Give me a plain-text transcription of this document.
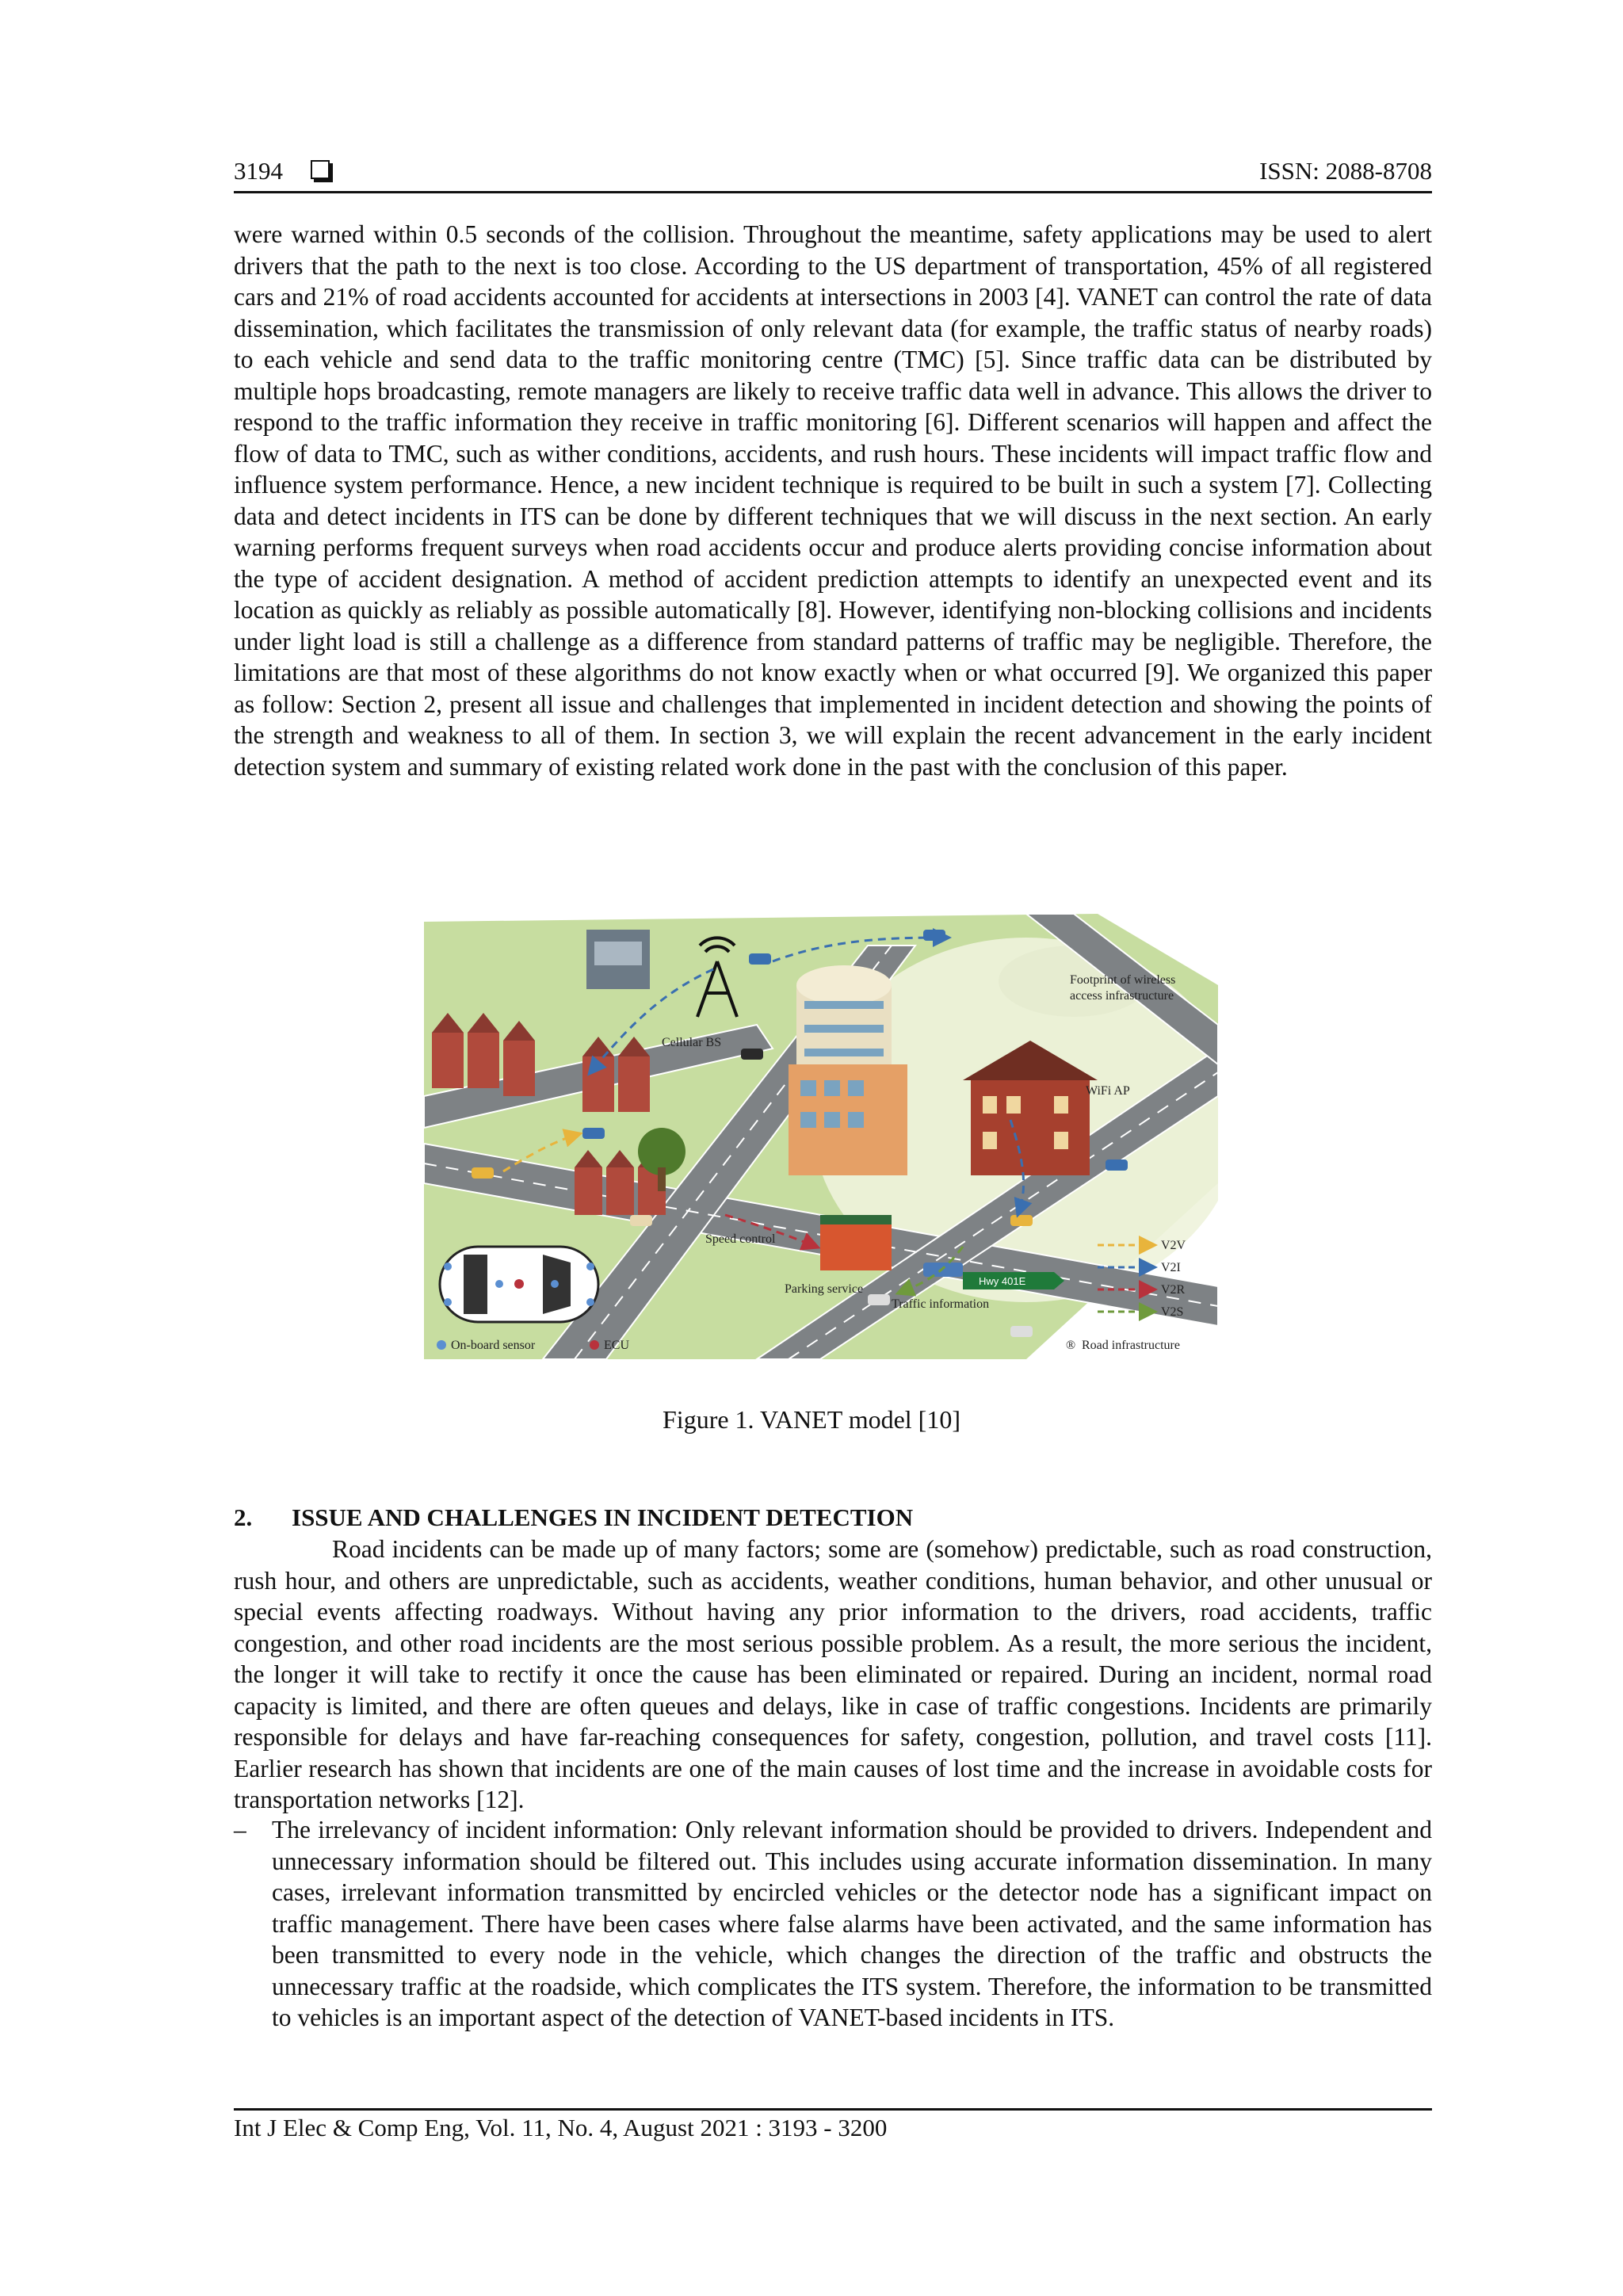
3194	ISSN: 2088-8708
were warned within 0.5 seconds of the collision. Throughout the meantime, safety applications may be used to alert drivers that the path to the next is too close. According to the US department of transportation, 45% of all registered cars and 21% of road accidents accounted for accidents at intersections in 2003 [4]. VANET can control the rate of data dissemination, which facilitates the transmission of only relevant data (for example, the traffic status of nearby roads) to each vehicle and send data to the traffic monitoring centre (TMC) [5]. Since traffic data can be distributed by multiple hops broadcasting, remote managers are likely to receive traffic data well in advance. This allows the driver to respond to the traffic information they receive in traffic monitoring [6]. Different scenarios will happen and affect the flow of data to TMC, such as wither conditions, accidents, and rush hours. These incidents will impact traffic flow and influence system performance. Hence, a new incident technique is required to be built in such a system [7]. Collecting data and detect incidents in ITS can be done by different techniques that we will discuss in the next section. An early warning performs frequent surveys when road accidents occur and produce alerts providing concise information about the type of accident designation. A method of accident prediction attempts to identify an unexpected event and its location as quickly as reliably as possible automatically [8]. However, identifying non-blocking collisions and incidents under light load is still a challenge as a difference from standard patterns of traffic may be negligible. Therefore, the limitations are that most of these algorithms do not know exactly when or what occurred [9]. We organized this paper as follow: Section 2, present all issue and challenges that implemented in incident detection and showing the points of the strength and weakness to all of them. In section 3, we will explain the recent advancement in the early incident detection system and summary of existing related work done in the past with the conclusion of this paper.
Cellular BS
WiFi AP
Footprint of wireless
access infrastructure
Speed control
Parking service
Traffic information
Hwy 401E
On-board sensor	ECU
V2V
V2I
V2R
V2S
® Road infrastructure
Figure 1. VANET model [10]
2.	ISSUE AND CHALLENGES IN INCIDENT DETECTION
Road incidents can be made up of many factors; some are (somehow) predictable, such as road construction, rush hour, and others are unpredictable, such as accidents, weather conditions, human behavior, and other unusual or special events affecting roadways. Without having any prior information to the drivers, road accidents, traffic congestion, and other road incidents are the most serious possible problem. As a result, the more serious the incident, the longer it will take to rectify it once the cause has been eliminated or repaired. During an incident, normal road capacity is limited, and there are often queues and delays, like in case of traffic congestions. Incidents are primarily responsible for delays and have far-reaching consequences for safety, congestion, pollution, and travel costs [11]. Earlier research has shown that incidents are one of the main causes of lost time and the increase in avoidable costs for transportation networks [12].
–	The irrelevancy of incident information: Only relevant information should be provided to drivers. Independent and unnecessary information should be filtered out. This includes using accurate information dissemination. In many cases, irrelevant information transmitted by encircled vehicles or the detector node has a significant impact on traffic management. There have been cases where false alarms have been activated, and the same information has been transmitted to every node in the vehicle, which changes the direction of the traffic and obstructs the unnecessary traffic at the roadside, which complicates the ITS system. Therefore, the information to be transmitted to vehicles is an important aspect of the detection of VANET-based incidents in ITS.
Int J Elec & Comp Eng, Vol. 11, No. 4, August 2021 : 3193 - 3200
